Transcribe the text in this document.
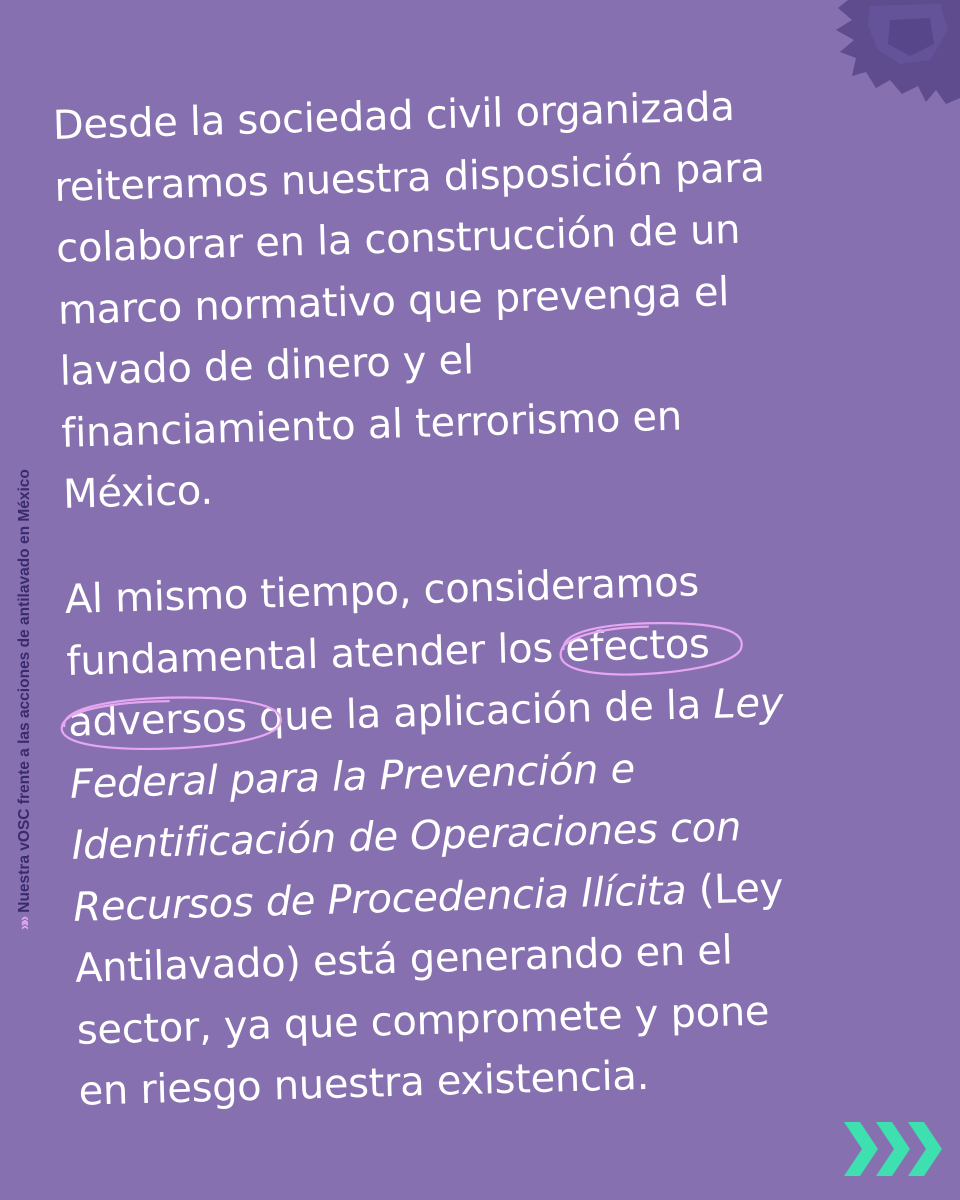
»»Nuestra vOSC frente a las acciones de antilavado en México
Desde la sociedad civil organizada
reiteramos nuestra disposición para
colaborar en la construcción de un
marco normativo que prevenga el
lavado de dinero y el
financiamiento al terrorismo en
México.
Al mismo tiempo, consideramos
fundamental atender los efectos
adversos
que la aplicación de la Ley
Federal para la Prevención e
Identificación de Operaciones con
Recursos de Procedencia Ilícita (Ley
Antilavado) está generando en el
sector, ya que compromete y pone
en riesgo nuestra existencia.
